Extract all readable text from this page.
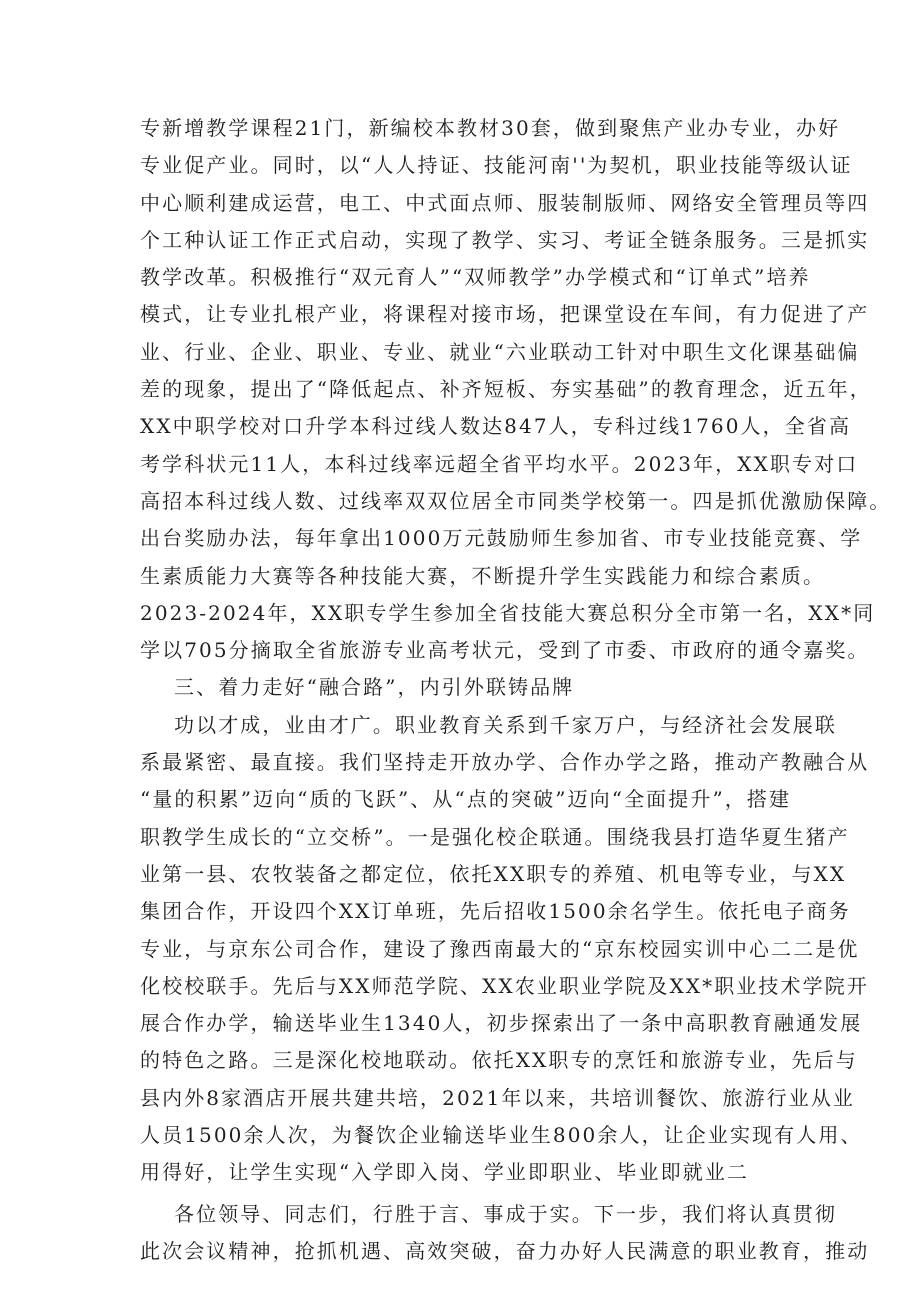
专新增教学课程21门，新编校本教材30套，做到聚焦产业办专业，办好
专业促产业。同时，以“人人持证、技能河南''为契机，职业技能等级认证
中心顺利建成运营，电工、中式面点师、服装制版师、网络安全管理员等四
个工种认证工作正式启动，实现了教学、实习、考证全链条服务。三是抓实
教学改革。积极推行“双元育人”“双师教学”办学模式和“订单式”培养
模式，让专业扎根产业，将课程对接市场，把课堂设在车间，有力促进了产
业、行业、企业、职业、专业、就业“六业联动工针对中职生文化课基础偏
差的现象，提出了“降低起点、补齐短板、夯实基础”的教育理念，近五年，
XX中职学校对口升学本科过线人数达847人，专科过线1760人，全省高
考学科状元11人，本科过线率远超全省平均水平。2023年，XX职专对口
高招本科过线人数、过线率双双位居全市同类学校第一。四是抓优激励保障。
出台奖励办法，每年拿出1000万元鼓励师生参加省、市专业技能竞赛、学
生素质能力大赛等各种技能大赛，不断提升学生实践能力和综合素质。
2023-2024年，XX职专学生参加全省技能大赛总积分全市第一名，XX*同
学以705分摘取全省旅游专业高考状元，受到了市委、市政府的通令嘉奖。
三、着力走好“融合路”，内引外联铸品牌
功以才成，业由才广。职业教育关系到千家万户，与经济社会发展联
系最紧密、最直接。我们坚持走开放办学、合作办学之路，推动产教融合从
“量的积累”迈向“质的飞跃”、从“点的突破”迈向“全面提升”，搭建
职教学生成长的“立交桥”。一是强化校企联通。围绕我县打造华夏生猪产
业第一县、农牧装备之都定位，依托XX职专的养殖、机电等专业，与XX
集团合作，开设四个XX订单班，先后招收1500余名学生。依托电子商务
专业，与京东公司合作，建设了豫西南最大的“京东校园实训中心二二是优
化校校联手。先后与XX师范学院、XX农业职业学院及XX*职业技术学院开
展合作办学，输送毕业生1340人，初步探索出了一条中高职教育融通发展
的特色之路。三是深化校地联动。依托XX职专的烹饪和旅游专业，先后与
县内外8家酒店开展共建共培，2021年以来，共培训餐饮、旅游行业从业
人员1500余人次，为餐饮企业输送毕业生800余人，让企业实现有人用、
用得好，让学生实现“入学即入岗、学业即职业、毕业即就业二
各位领导、同志们，行胜于言、事成于实。下一步，我们将认真贯彻
此次会议精神，抢抓机遇、高效突破，奋力办好人民满意的职业教育，推动
